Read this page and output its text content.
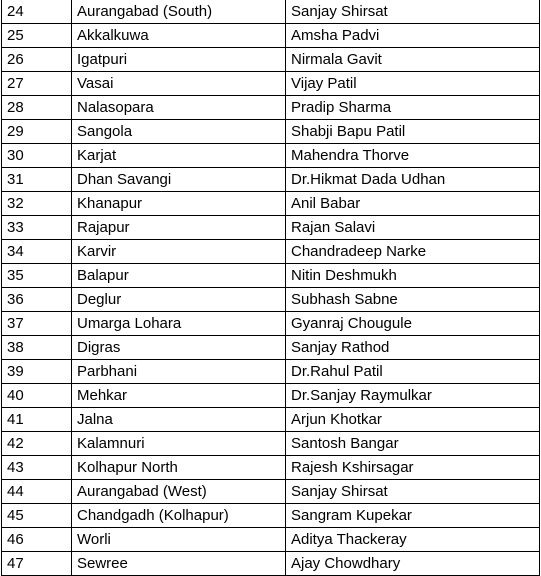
24	Aurangabad (South)	Sanjay Shirsat
25	Akkalkuwa	Amsha Padvi
26	Igatpuri	Nirmala Gavit
27	Vasai	Vijay Patil
28	Nalasopara	Pradip Sharma
29	Sangola	Shabji Bapu Patil
30	Karjat	Mahendra Thorve
31	Dhan Savangi	Dr.Hikmat Dada Udhan
32	Khanapur	Anil Babar
33	Rajapur	Rajan Salavi
34	Karvir	Chandradeep Narke
35	Balapur	Nitin Deshmukh
36	Deglur	Subhash Sabne
37	Umarga Lohara	Gyanraj Chougule
38	Digras	Sanjay Rathod
39	Parbhani	Dr.Rahul Patil
40	Mehkar	Dr.Sanjay Raymulkar
41	Jalna	Arjun Khotkar
42	Kalamnuri	Santosh Bangar
43	Kolhapur North	Rajesh Kshirsagar
44	Aurangabad (West)	Sanjay Shirsat
45	Chandgadh (Kolhapur)	Sangram Kupekar
46	Worli	Aditya Thackeray
47	Sewree	Ajay Chowdhary
